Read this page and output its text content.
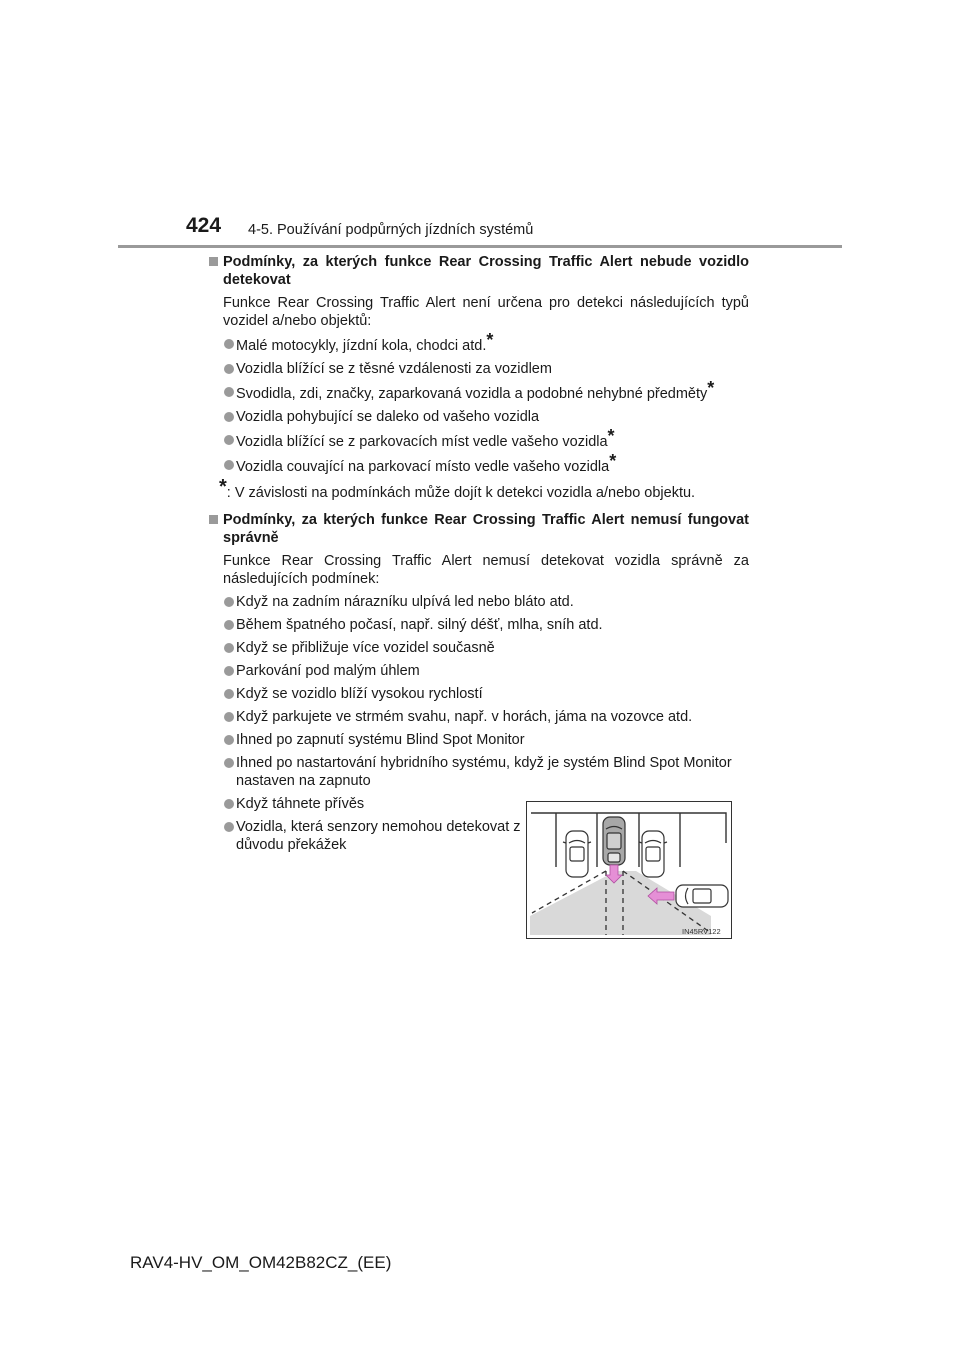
424 4-5. Používání podpůrných jízdních systémů
Podmínky, za kterých funkce Rear Crossing Traffic Alert nebude vozidlo detekovat
Funkce Rear Crossing Traffic Alert není určena pro detekci následujících typů vozidel a/nebo objektů:
Malé motocykly, jízdní kola, chodci atd.*
Vozidla blížící se z těsné vzdálenosti za vozidlem
Svodidla, zdi, značky, zaparkovaná vozidla a podobné nehybné předměty*
Vozidla pohybující se daleko od vašeho vozidla
Vozidla blížící se z parkovacích míst vedle vašeho vozidla*
Vozidla couvající na parkovací místo vedle vašeho vozidla*
*: V závislosti na podmínkách může dojít k detekci vozidla a/nebo objektu.
Podmínky, za kterých funkce Rear Crossing Traffic Alert nemusí fungovat správně
Funkce Rear Crossing Traffic Alert nemusí detekovat vozidla správně za následujících podmínek:
Když na zadním nárazníku ulpívá led nebo bláto atd.
Během špatného počasí, např. silný déšť, mlha, sníh atd.
Když se přibližuje více vozidel současně
Parkování pod malým úhlem
Když se vozidlo blíží vysokou rychlostí
Když parkujete ve strmém svahu, např. v horách, jáma na vozovce atd.
Ihned po zapnutí systému Blind Spot Monitor
Ihned po nastartování hybridního systému, když je systém Blind Spot Monitor nastaven na zapnuto
Když táhnete přívěs
Vozidla, která senzory nemohou detekovat z důvodu překážek
IN45RV122
RAV4-HV_OM_OM42B82CZ_(EE)
